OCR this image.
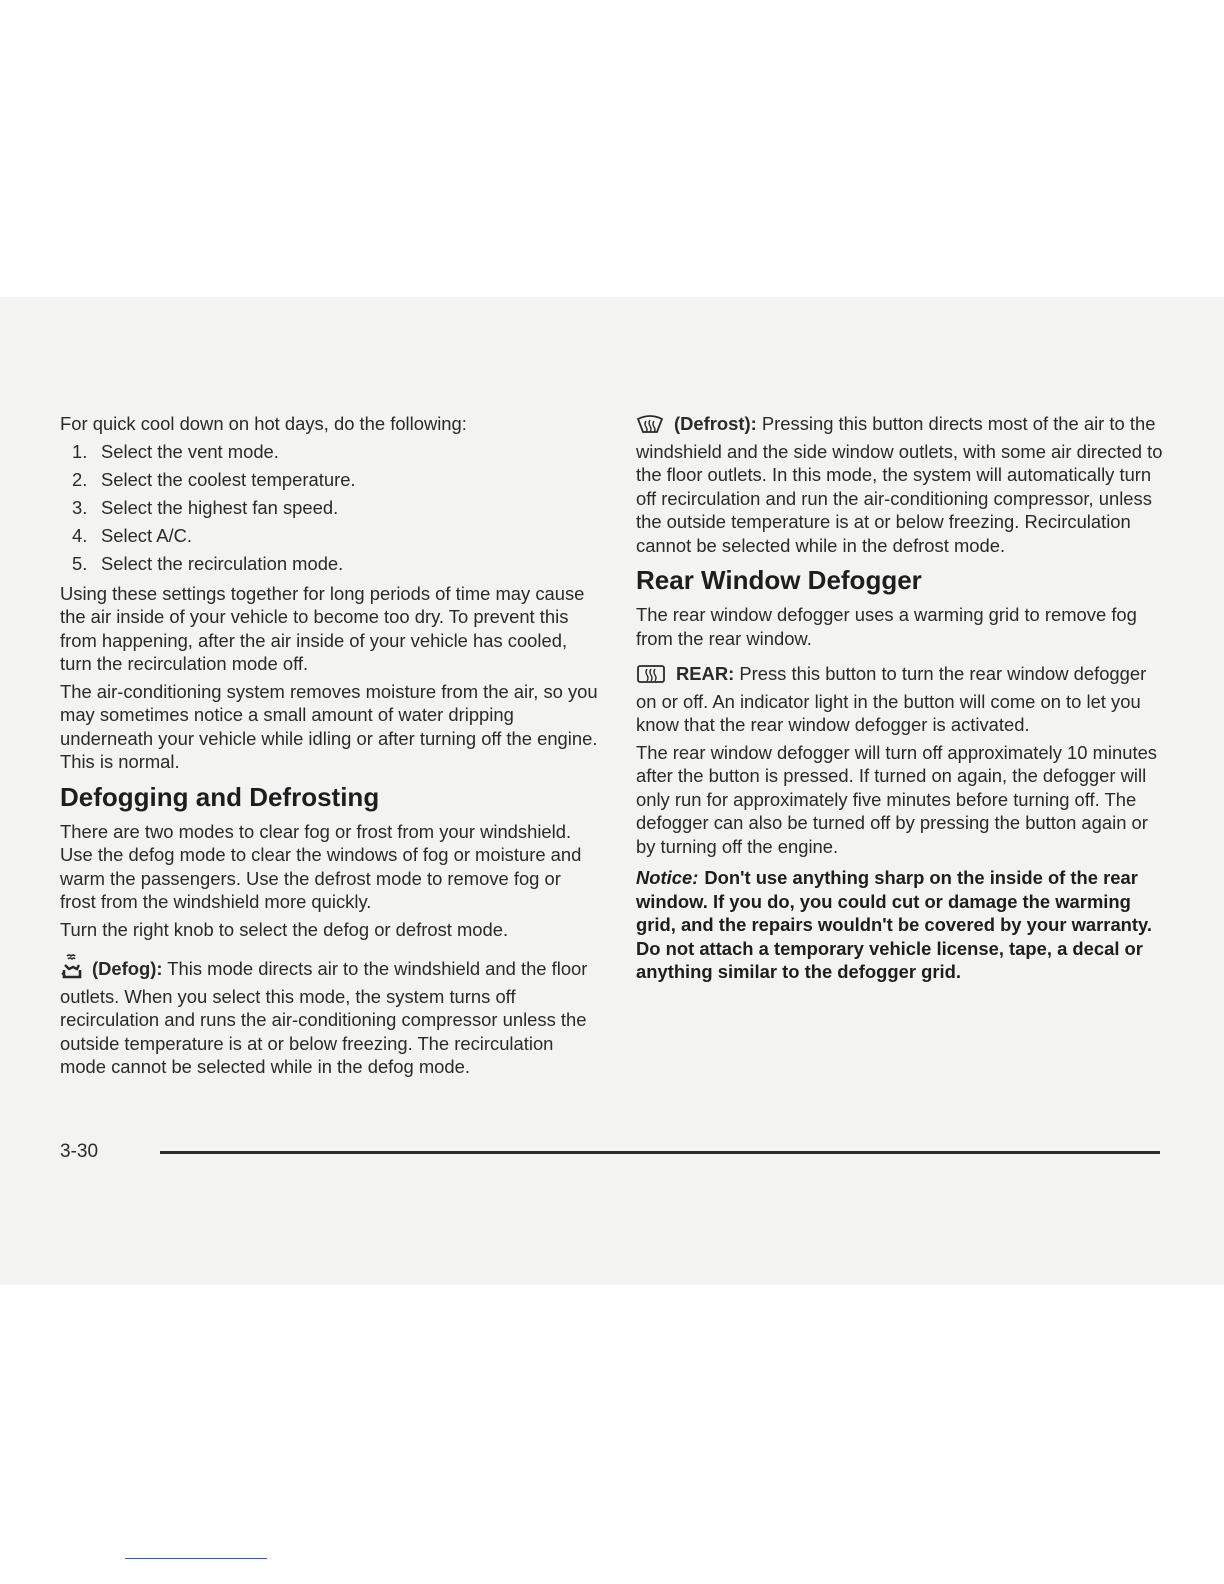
For quick cool down on hot days, do the following:

1. Select the vent mode.
2. Select the coolest temperature.
3. Select the highest fan speed.
4. Select A/C.
5. Select the recirculation mode.

Using these settings together for long periods of time may cause the air inside of your vehicle to become too dry. To prevent this from happening, after the air inside of your vehicle has cooled, turn the recirculation mode off.

The air-conditioning system removes moisture from the air, so you may sometimes notice a small amount of water dripping underneath your vehicle while idling or after turning off the engine. This is normal.

Defogging and Defrosting

There are two modes to clear fog or frost from your windshield. Use the defog mode to clear the windows of fog or moisture and warm the passengers. Use the defrost mode to remove fog or frost from the windshield more quickly.

Turn the right knob to select the defog or defrost mode.

(Defog): This mode directs air to the windshield and the floor outlets. When you select this mode, the system turns off recirculation and runs the air-conditioning compressor unless the outside temperature is at or below freezing. The recirculation mode cannot be selected while in the defog mode.

(Defrost): Pressing this button directs most of the air to the windshield and the side window outlets, with some air directed to the floor outlets. In this mode, the system will automatically turn off recirculation and run the air-conditioning compressor, unless the outside temperature is at or below freezing. Recirculation cannot be selected while in the defrost mode.

Rear Window Defogger

The rear window defogger uses a warming grid to remove fog from the rear window.

REAR: Press this button to turn the rear window defogger on or off. An indicator light in the button will come on to let you know that the rear window defogger is activated.

The rear window defogger will turn off approximately 10 minutes after the button is pressed. If turned on again, the defogger will only run for approximately five minutes before turning off. The defogger can also be turned off by pressing the button again or by turning off the engine.

Notice: Don't use anything sharp on the inside of the rear window. If you do, you could cut or damage the warming grid, and the repairs wouldn't be covered by your warranty. Do not attach a temporary vehicle license, tape, a decal or anything similar to the defogger grid.

3-30
